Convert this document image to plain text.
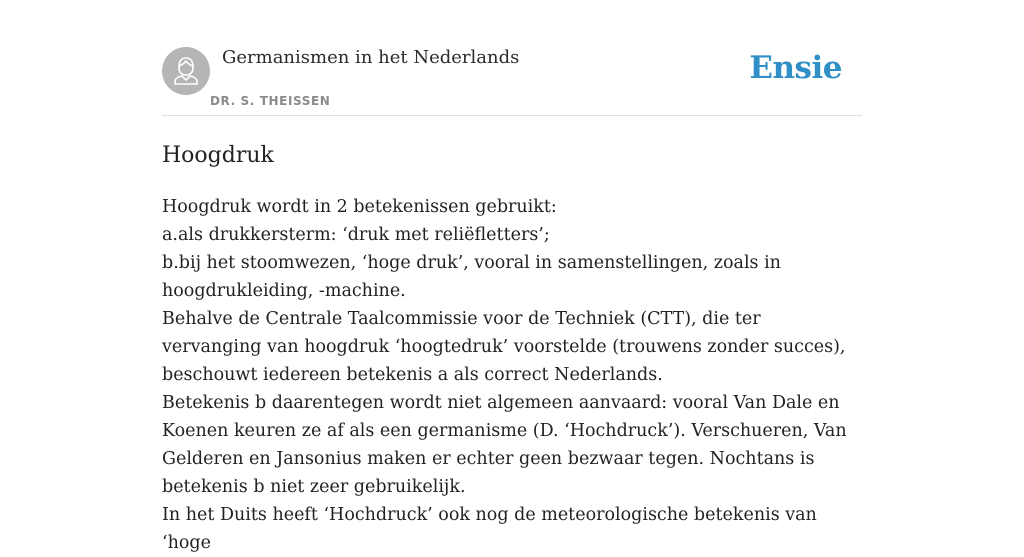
Germanismen in het Nederlands
DR. S. THEISSEN
Ensie
Hoogdruk

Hoogdruk wordt in 2 betekenissen gebruikt:

a.als drukkersterm: ‘druk met reliëfletters’;

b.bij het stoomwezen, ‘hoge druk’, vooral in samenstellingen, zoals in hoogdrukleiding, -machine.

Behalve de Centrale Taalcommissie voor de Techniek (CTT), die ter vervanging van hoogdruk ‘hoogtedruk’ voorstelde (trouwens zonder succes), beschouwt iedereen betekenis a als correct Nederlands.

Betekenis b daarentegen wordt niet algemeen aanvaard: vooral Van Dale en Koenen keuren ze af als een germanisme (D. ‘Hochdruck’). Verschueren, Van Gelderen en Jansonius maken er echter geen bezwaar tegen. Nochtans is betekenis b niet zeer gebruikelijk.

In het Duits heeft ‘Hochdruck’ ook nog de meteorologische betekenis van ‘hoge
